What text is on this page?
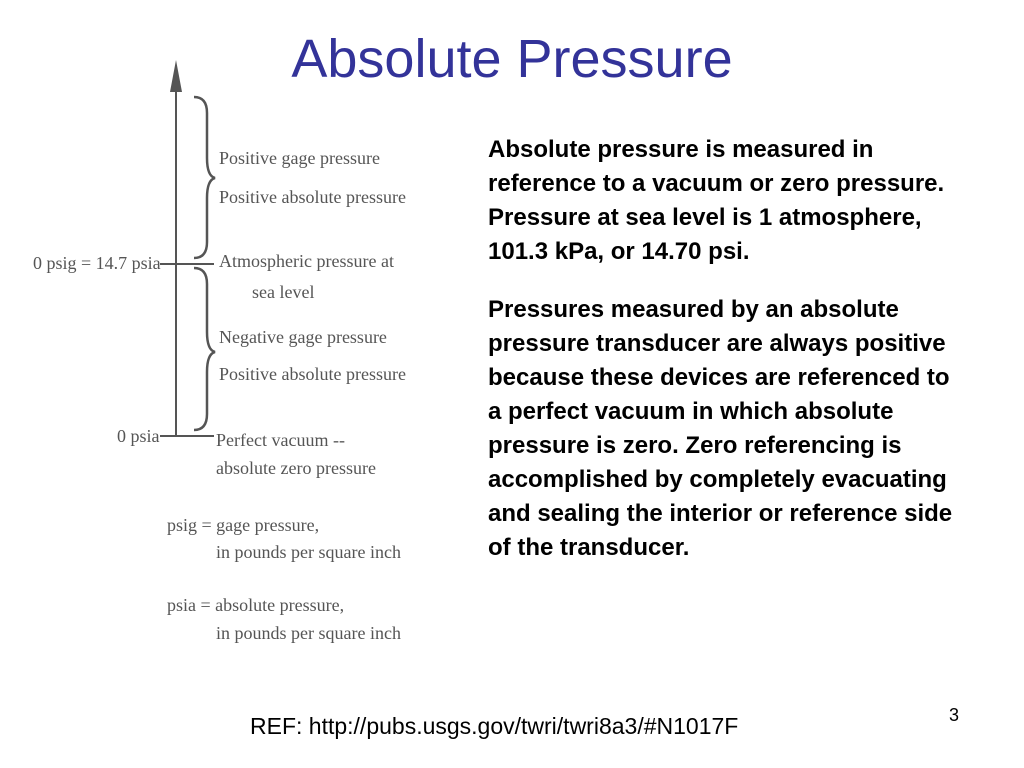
Absolute Pressure
0 psig = 14.7 psia
0 psia
Positive gage pressure
Positive absolute pressure
Atmospheric pressure at
sea level
Negative gage pressure
Positive absolute pressure
Perfect vacuum --
absolute zero pressure
psig = gage pressure,
in pounds per square inch
psia = absolute pressure,
in pounds per square inch

Absolute pressure is measured in reference to a vacuum or zero pressure. Pressure at sea level is 1 atmosphere, 101.3 kPa, or 14.70 psi.

Pressures measured by an absolute pressure transducer are always positive because these devices are referenced to a perfect vacuum in which absolute pressure is zero. Zero referencing is accomplished by completely evacuating and sealing the interior or reference side of the transducer.

REF: http://pubs.usgs.gov/twri/twri8a3/#N1017F	3
